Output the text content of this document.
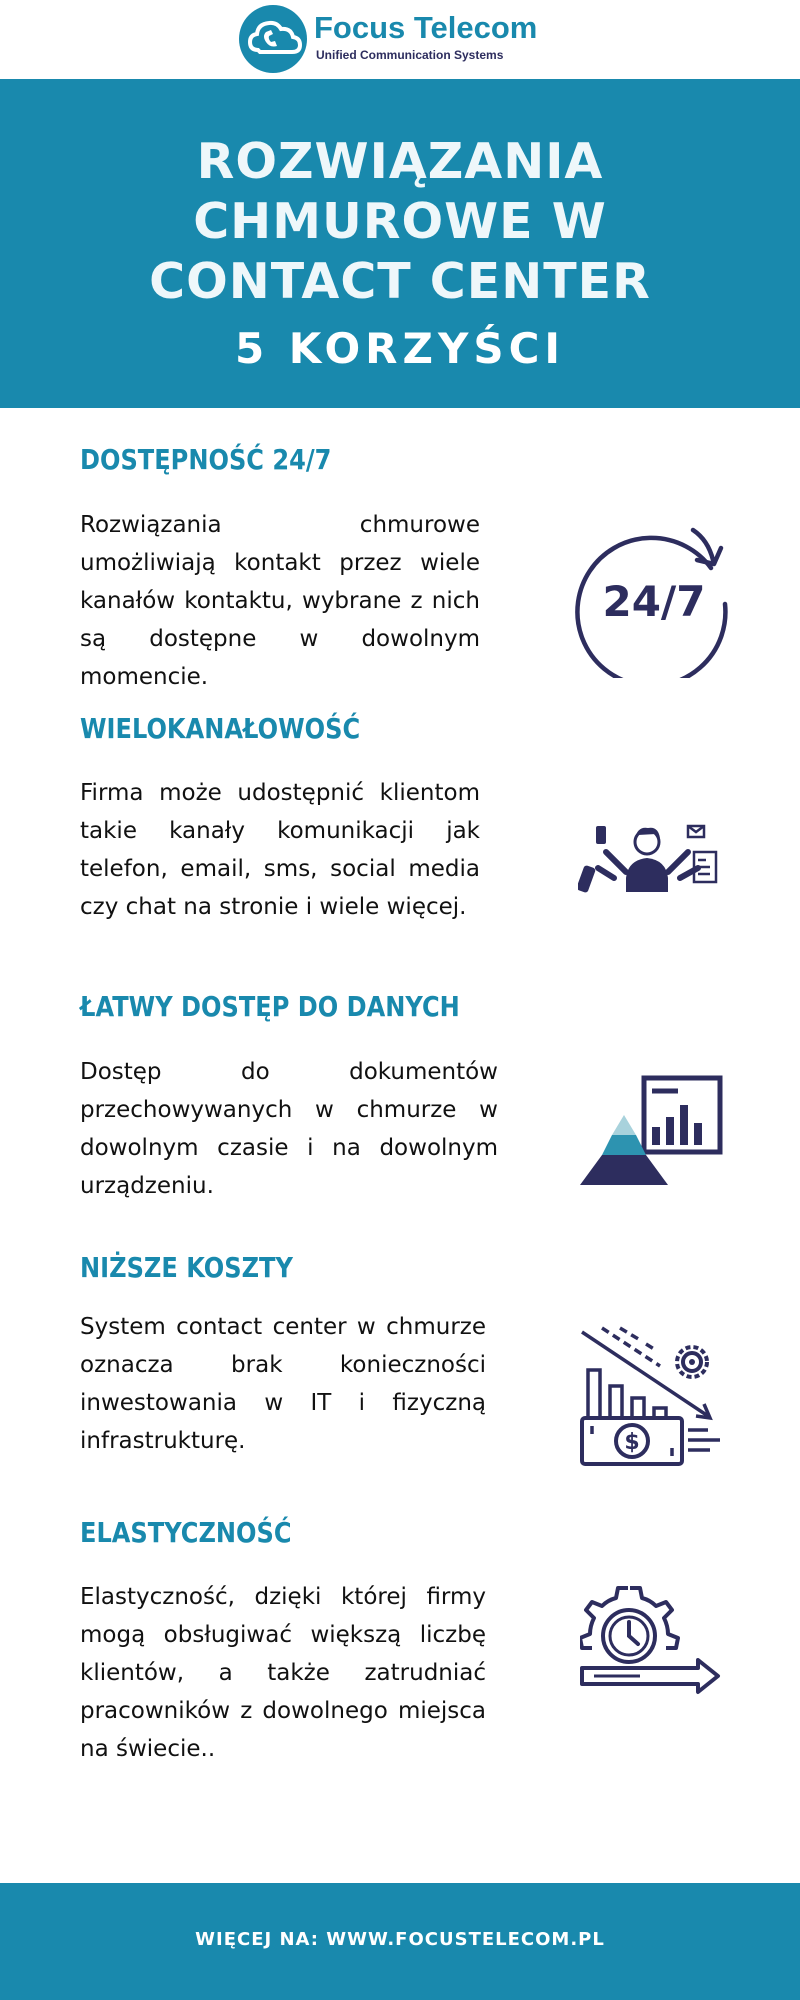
Focus Telecom
Unified Communication Systems
ROZWIĄZANIA
CHMUROWE W
CONTACT CENTER
5 KORZYŚCI
DOSTĘPNOŚĆ 24/7
Rozwiązania chmurowe umożliwiają kontakt przez wiele kanałów kontaktu, wybrane z nich są dostępne w dowolnym momencie.
24/7
WIELOKANAŁOWOŚĆ
Firma może udostępnić klientom takie kanały komunikacji jak telefon, email, sms, social media czy chat na stronie i wiele więcej.
ŁATWY DOSTĘP DO DANYCH
Dostęp do dokumentów przechowywanych w chmurze w dowolnym czasie i na dowolnym urządzeniu.
NIŻSZE KOSZTY
System contact center w chmurze oznacza brak konieczności inwestowania w IT i fizyczną infrastrukturę.	$
ELASTYCZNOŚĆ
Elastyczność, dzięki której firmy mogą obsługiwać większą liczbę klientów, a także zatrudniać pracowników z dowolnego miejsca na świecie..
WIĘCEJ NA: WWW.FOCUSTELECOM.PL
